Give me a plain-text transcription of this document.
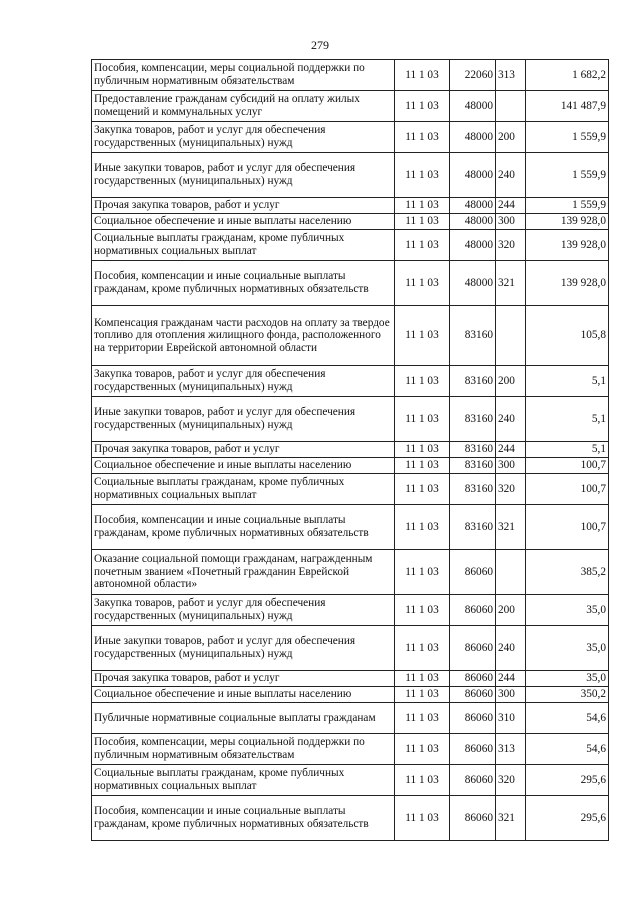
279
Пособия, компенсации, меры социальной поддержки по публичным нормативным обязательствам	11 1 03	22060	313	1 682,2
Предоставление гражданам субсидий на оплату жилых помещений и коммунальных услуг	11 1 03	48000		141 487,9
Закупка товаров, работ и услуг для обеспечения государственных (муниципальных) нужд	11 1 03	48000	200	1 559,9
Иные закупки товаров, работ и услуг для обеспечения государственных (муниципальных) нужд	11 1 03	48000	240	1 559,9
Прочая закупка товаров, работ и услуг	11 1 03	48000	244	1 559,9
Социальное обеспечение и иные выплаты населению	11 1 03	48000	300	139 928,0
Социальные выплаты гражданам, кроме публичных нормативных социальных выплат	11 1 03	48000	320	139 928,0
Пособия, компенсации и иные социальные выплаты гражданам, кроме публичных нормативных обязательств	11 1 03	48000	321	139 928,0
Компенсация гражданам части расходов на оплату за твердое топливо для отопления жилищного фонда, расположенного на территории Еврейской автономной области	11 1 03	83160		105,8
Закупка товаров, работ и услуг для обеспечения государственных (муниципальных) нужд	11 1 03	83160	200	5,1
Иные закупки товаров, работ и услуг для обеспечения государственных (муниципальных) нужд	11 1 03	83160	240	5,1
Прочая закупка товаров, работ и услуг	11 1 03	83160	244	5,1
Социальное обеспечение и иные выплаты населению	11 1 03	83160	300	100,7
Социальные выплаты гражданам, кроме публичных нормативных социальных выплат	11 1 03	83160	320	100,7
Пособия, компенсации и иные социальные выплаты гражданам, кроме публичных нормативных обязательств	11 1 03	83160	321	100,7
Оказание социальной помощи гражданам, награжденным почетным званием «Почетный гражданин Еврейской автономной области»	11 1 03	86060		385,2
Закупка товаров, работ и услуг для обеспечения государственных (муниципальных) нужд	11 1 03	86060	200	35,0
Иные закупки товаров, работ и услуг для обеспечения государственных (муниципальных) нужд	11 1 03	86060	240	35,0
Прочая закупка товаров, работ и услуг	11 1 03	86060	244	35,0
Социальное обеспечение и иные выплаты населению	11 1 03	86060	300	350,2
Публичные нормативные социальные выплаты гражданам	11 1 03	86060	310	54,6
Пособия, компенсации, меры социальной поддержки по публичным нормативным обязательствам	11 1 03	86060	313	54,6
Социальные выплаты гражданам, кроме публичных нормативных социальных выплат	11 1 03	86060	320	295,6
Пособия, компенсации и иные социальные выплаты гражданам, кроме публичных нормативных обязательств	11 1 03	86060	321	295,6
